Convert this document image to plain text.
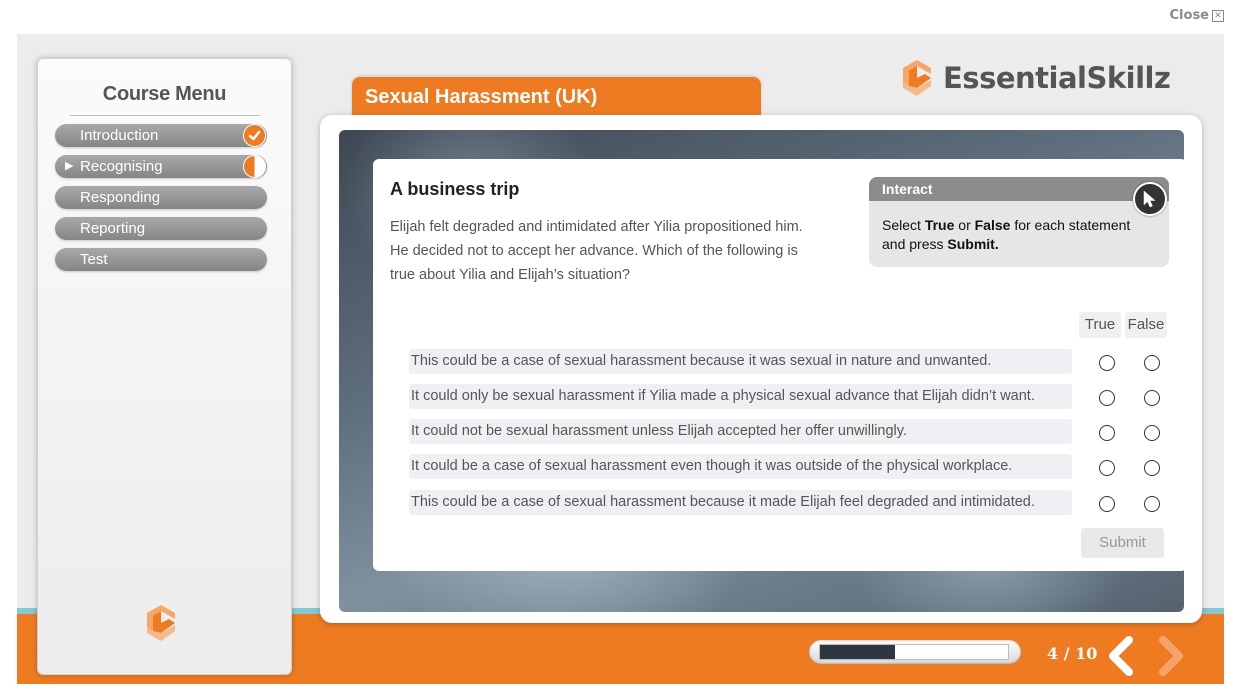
Close ✕
Course Menu
Introduction
▶ Recognising
Responding
Reporting
Test
Sexual Harassment (UK)
EssentialSkillz
A business trip
Elijah felt degraded and intimidated after Yilia propositioned him. He decided not to accept her advance. Which of the following is true about Yilia and Elijah’s situation?
Interact
Select True or False for each statement and press Submit.
True False
This could be a case of sexual harassment because it was sexual in nature and unwanted.
It could only be sexual harassment if Yilia made a physical sexual advance that Elijah didn’t want.
It could not be sexual harassment unless Elijah accepted her offer unwillingly.
It could be a case of sexual harassment even though it was outside of the physical workplace.
This could be a case of sexual harassment because it made Elijah feel degraded and intimidated.
Submit
4 / 10
